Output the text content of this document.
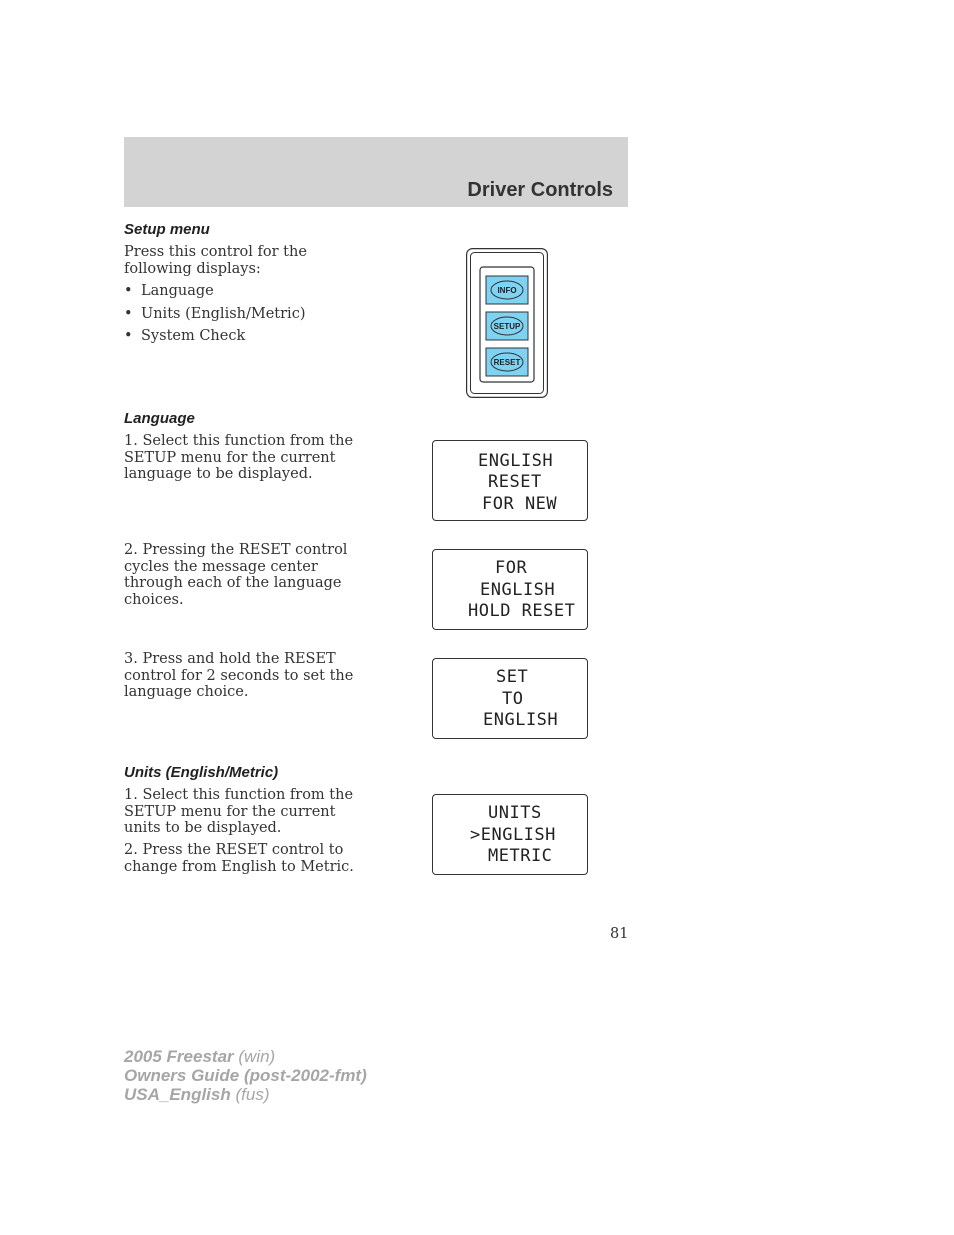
Driver Controls
Setup menu

Press this control for the following displays:

• Language
• Units (English/Metric)
• System Check
INFO
SETUP
RESET
Language
1. Select this function from the SETUP menu for the current language to be displayed.
2. Pressing the RESET control cycles the message center through each of the language choices.
3. Press and hold the RESET control for 2 seconds to set the language choice.
ENGLISH
RESET
FOR NEW
FOR
ENGLISH
HOLD RESET
SET
TO
ENGLISH
UNITS
>ENGLISH
METRIC
Units (English/Metric)
1. Select this function from the SETUP menu for the current units to be displayed.
2. Press the RESET control to change from English to Metric.
81
2005 Freestar (win)
Owners Guide (post-2002-fmt)
USA_English (fus)
